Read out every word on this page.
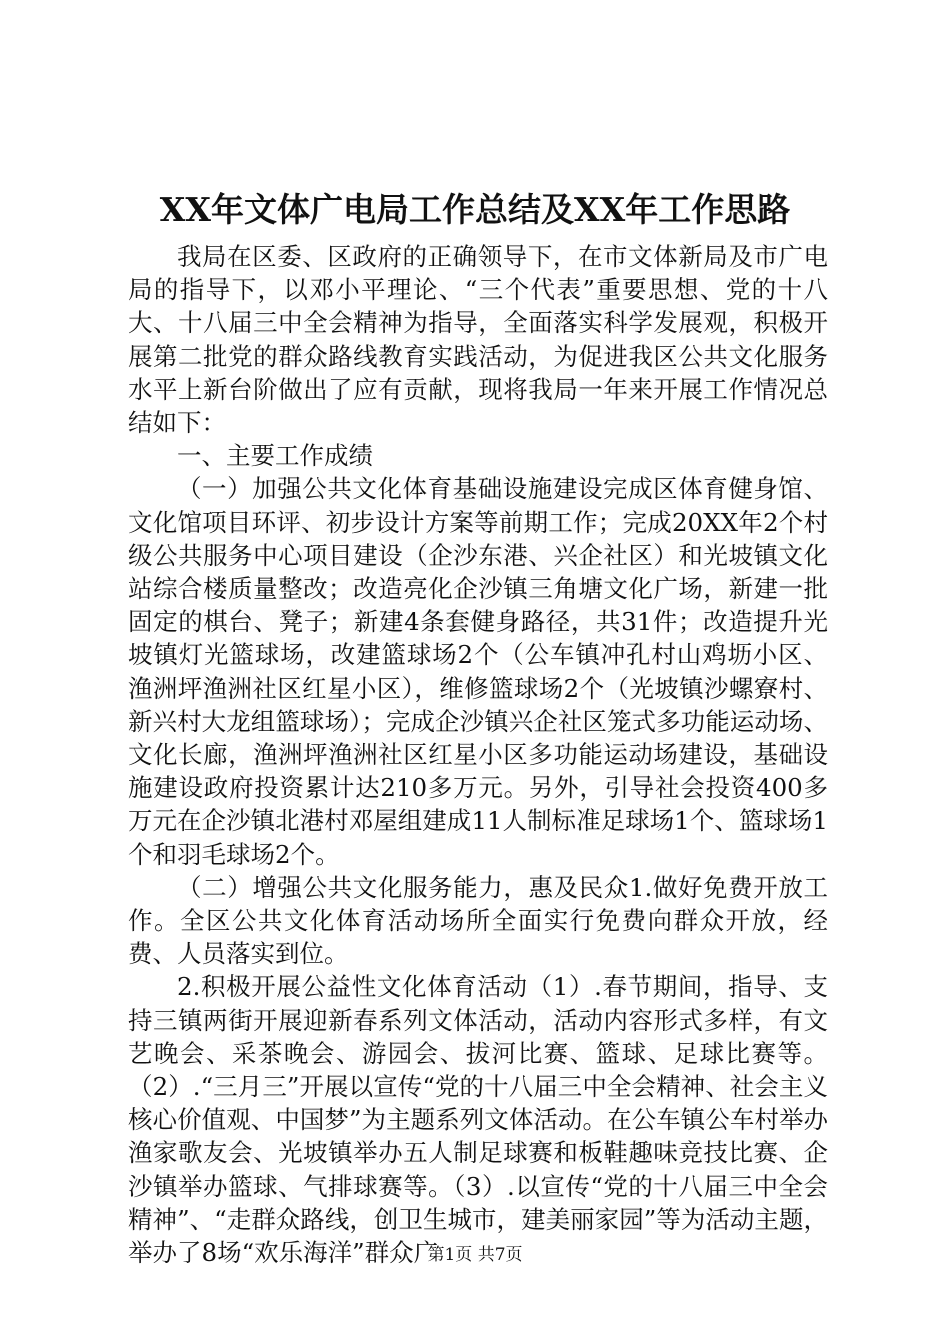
XX年文体广电局工作总结及XX年工作思路

我局在区委、区政府的正确领导下，在市文体新局及市广电局的指导下，以邓小平理论、“三个代表”重要思想、党的十八大、十八届三中全会精神为指导，全面落实科学发展观，积极开展第二批党的群众路线教育实践活动，为促进我区公共文化服务水平上新台阶做出了应有贡献，现将我局一年来开展工作情况总结如下：

一、主要工作成绩

（一）加强公共文化体育基础设施建设完成区体育健身馆、文化馆项目环评、初步设计方案等前期工作；完成20XX年2个村级公共服务中心项目建设（企沙东港、兴企社区）和光坡镇文化站综合楼质量整改；改造亮化企沙镇三角塘文化广场，新建一批固定的棋台、凳子；新建4条套健身路径，共31件；改造提升光坡镇灯光篮球场，改建篮球场2个（公车镇冲孔村山鸡坜小区、渔洲坪渔洲社区红星小区），维修篮球场2个（光坡镇沙螺寮村、新兴村大龙组篮球场）；完成企沙镇兴企社区笼式多功能运动场、文化长廊，渔洲坪渔洲社区红星小区多功能运动场建设，基础设施建设政府投资累计达210多万元。另外，引导社会投资400多万元在企沙镇北港村邓屋组建成11人制标准足球场1个、篮球场1个和羽毛球场2个。

（二）增强公共文化服务能力，惠及民众1.做好免费开放工作。全区公共文化体育活动场所全面实行免费向群众开放，经费、人员落实到位。

2.积极开展公益性文化体育活动（1）.春节期间，指导、支持三镇两街开展迎新春系列文体活动，活动内容形式多样，有文艺晚会、采茶晚会、游园会、拔河比赛、篮球、足球比赛等。（2）.“三月三”开展以宣传“党的十八届三中全会精神、社会主义核心价值观、中国梦”为主题系列文体活动。在公车镇公车村举办渔家歌友会、光坡镇举办五人制足球赛和板鞋趣味竞技比赛、企沙镇举办篮球、气排球赛等。（3）.以宣传“党的十八届三中全会精神”、“走群众路线，创卫生城市，建美丽家园”等为活动主题，举办了8场“欢乐海洋”群众广

第1页 共7页
